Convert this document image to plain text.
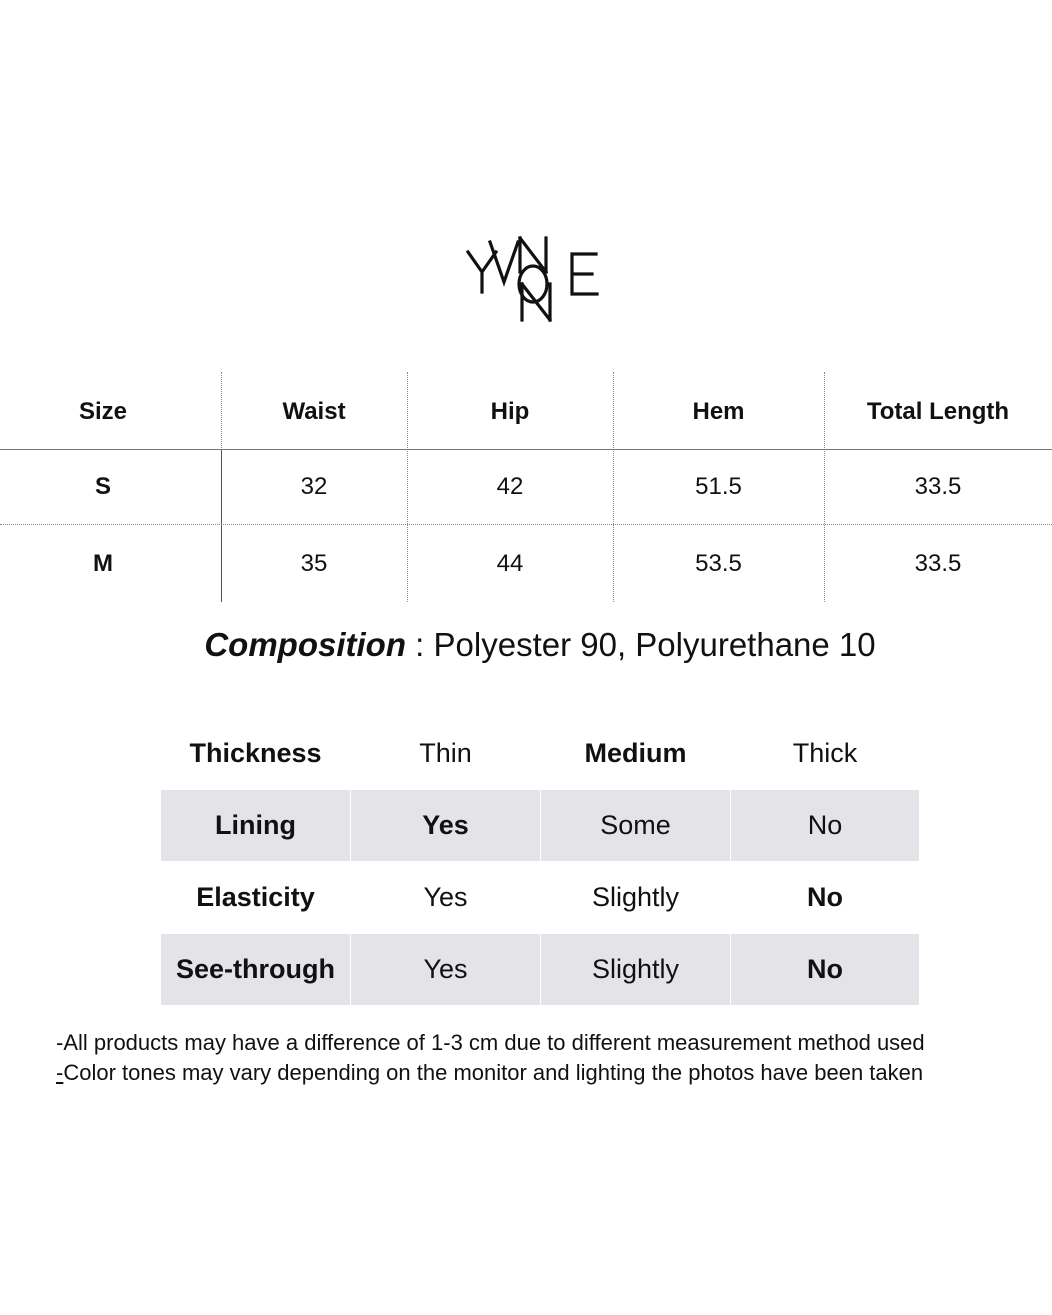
Size	Waist	Hip	Hem	Total Length
S	32	42	51.5	33.5
M	35	44	53.5	33.5
Composition : Polyester 90, Polyurethane 10
Thickness	Thin	Medium	Thick
Lining	Yes	Some	No
Elasticity	Yes	Slightly	No
See-through	Yes	Slightly	No
-All products may have a difference of 1-3 cm due to different measurement method used
-Color tones may vary depending on the monitor and lighting the photos have been taken
